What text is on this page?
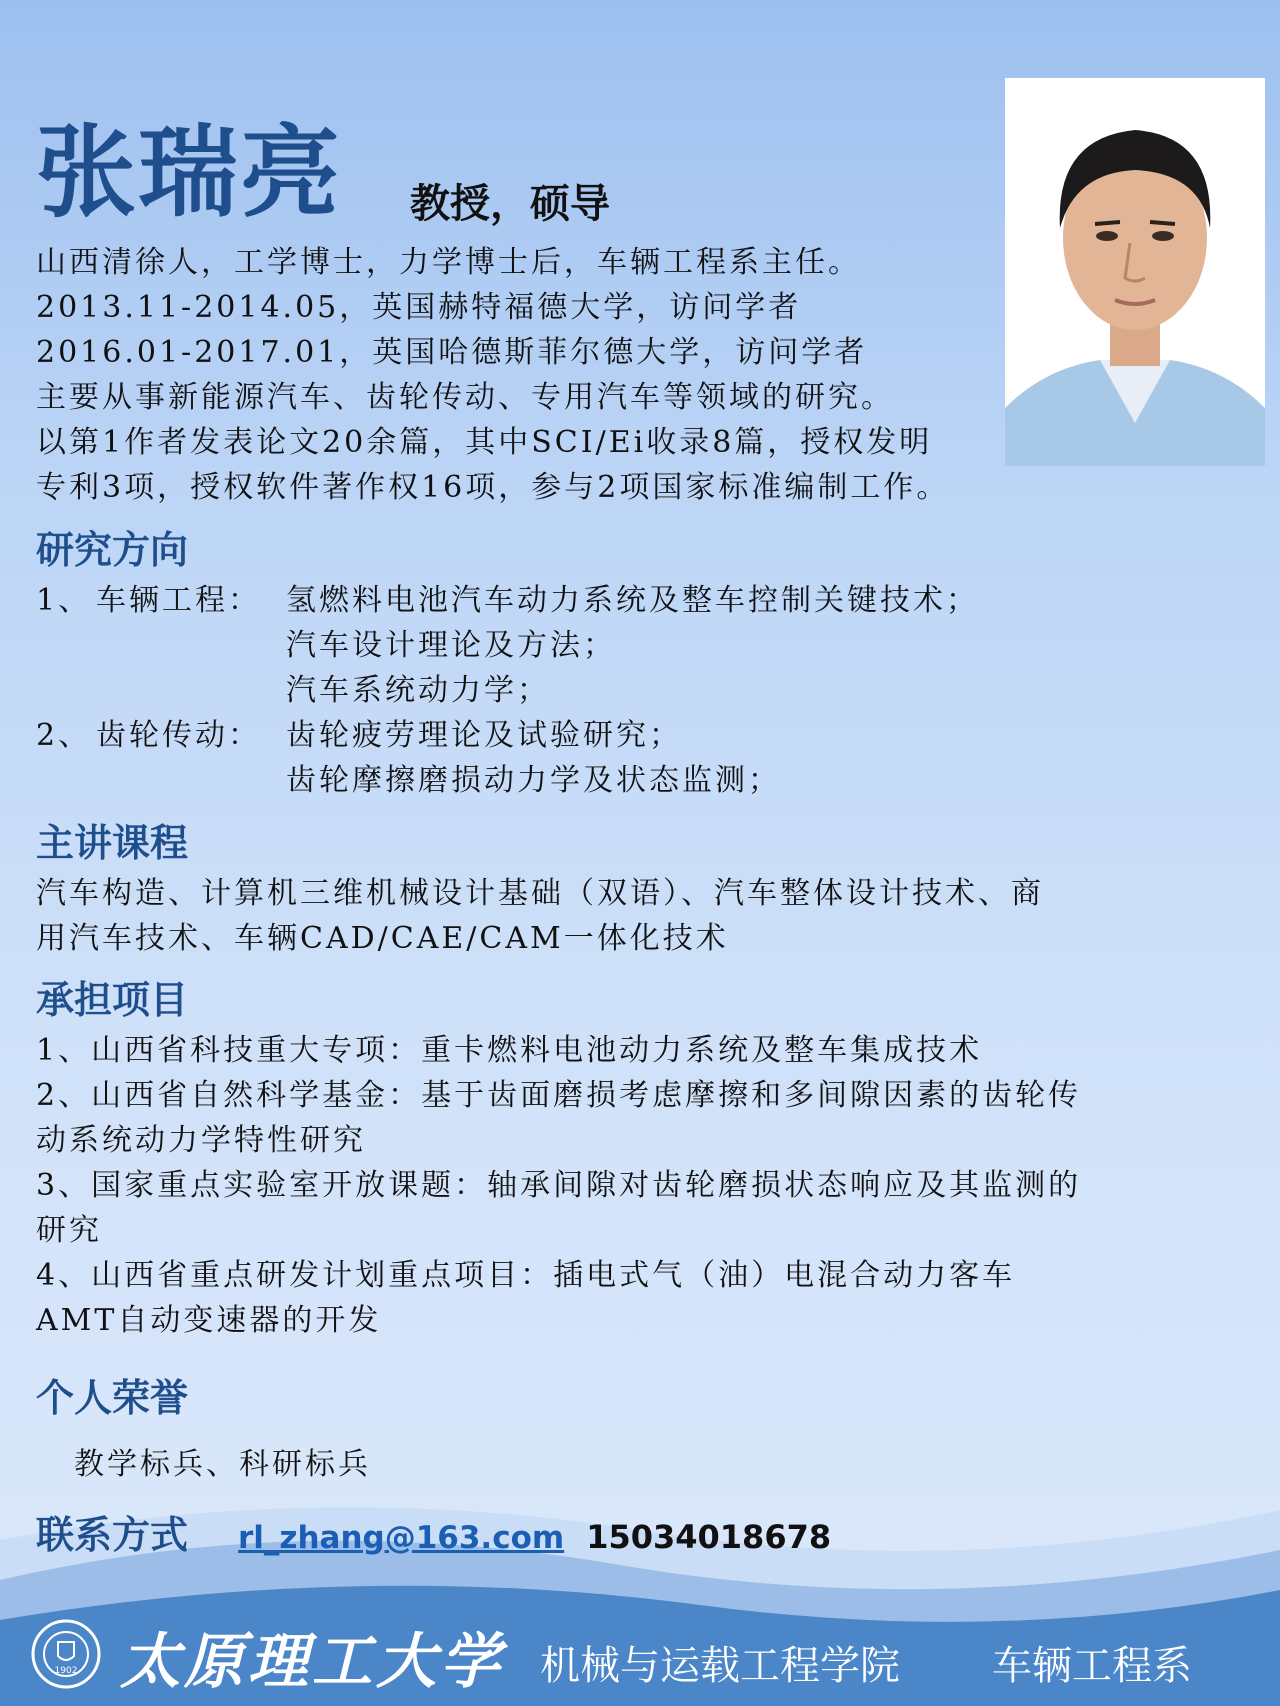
张瑞亮 教授，硕导
山西清徐人，工学博士，力学博士后，车辆工程系主任。
2013.11-2014.05，英国赫特福德大学，访问学者
2016.01-2017.01，英国哈德斯菲尔德大学，访问学者
主要从事新能源汽车、齿轮传动、专用汽车等领域的研究。
以第1作者发表论文20余篇，其中SCI/Ei收录8篇，授权发明
专利3项，授权软件著作权16项，参与2项国家标准编制工作。
研究方向
1、 车辆工程： 氢燃料电池汽车动力系统及整车控制关键技术；
汽车设计理论及方法；
汽车系统动力学；
2、 齿轮传动： 齿轮疲劳理论及试验研究；
齿轮摩擦磨损动力学及状态监测；
主讲课程
汽车构造、计算机三维机械设计基础（双语）、汽车整体设计技术、商
用汽车技术、车辆CAD/CAE/CAM一体化技术
承担项目
1、山西省科技重大专项：重卡燃料电池动力系统及整车集成技术
2、山西省自然科学基金：基于齿面磨损考虑摩擦和多间隙因素的齿轮传
动系统动力学特性研究
3、国家重点实验室开放课题：轴承间隙对齿轮磨损状态响应及其监测的
研究
4、山西省重点研发计划重点项目：插电式气（油）电混合动力客车
AMT自动变速器的开发
个人荣誉
教学标兵、科研标兵
联系方式 rl_zhang@163.com 15034018678
1902 太原理工大学 机械与运载工程学院 车辆工程系
